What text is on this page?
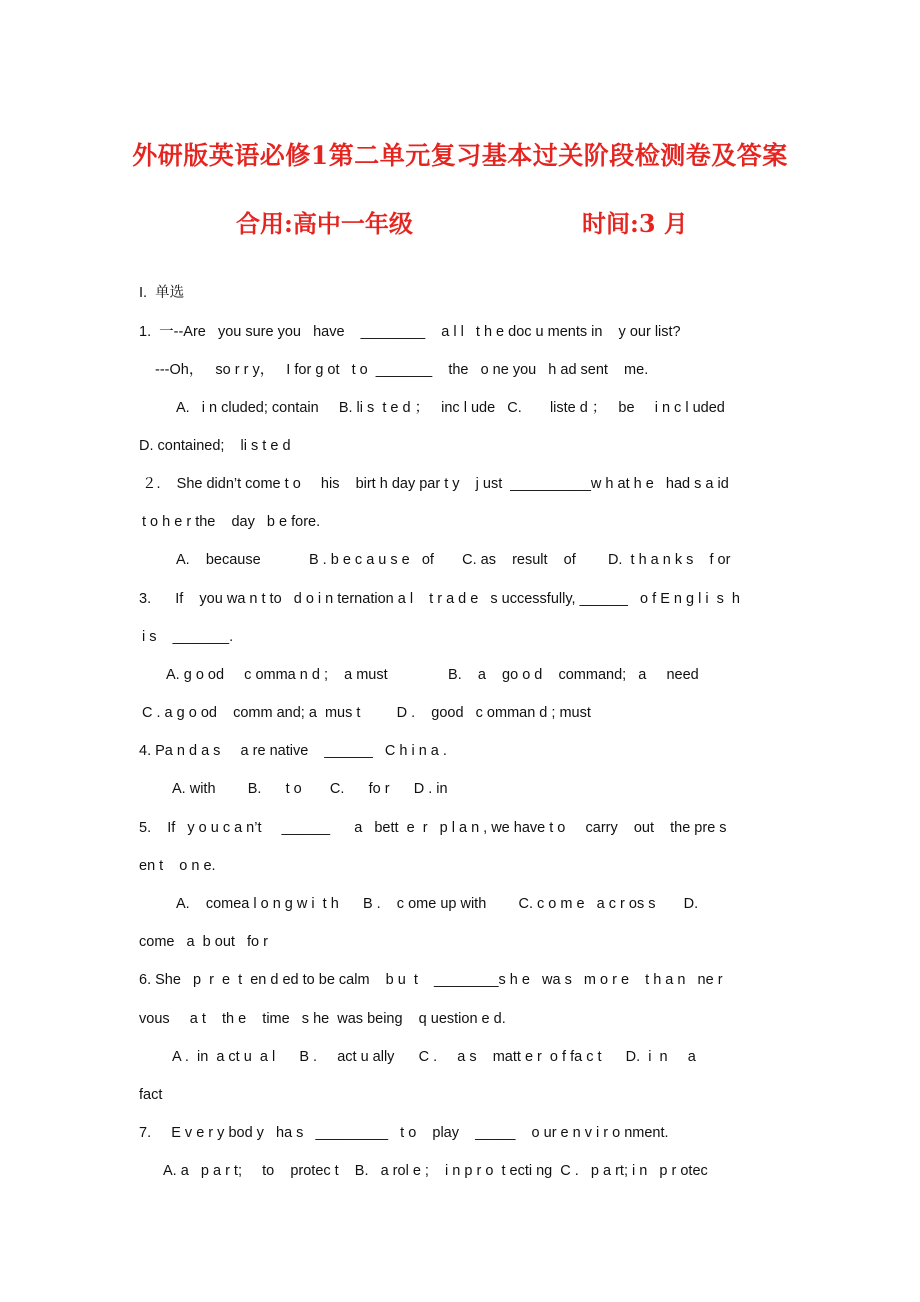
外研版英语必修1第二单元复习基本过关阶段检测卷及答案
合用:高中一年级	时间:3 月
I.  单选
1.  一--Are   you sure you   have    ________    a l l   t h e doc u ments in    y our list?
---Oh，   so r r y，   I for g ot   t o  _______    the   o ne you   h ad sent    me.
A.   i n cluded; contain     B. li s  t e d ；   inc l ude   C.       liste d ；   be     i n c l uded
D. contained;    li s t e d
２.    She didn’t come t o     his    birt h day par t y    j ust  __________w h at h e   had s a id
t o h e r the    day   b e fore.
A.    because            B . b e c a u s e   of       C. as    result    of        D.  t h a n k s    f or
3.      If    you wa n t to   d o i n ternation a l    t r a d e   s uccessfully, ______   o f E n g l i  s  h
i s    _______.
A. g o od     c omma n d ;    a must               B.    a    go o d    command;   a     need
C . a g o od    comm and; a  mus t         D .    good   c omman d ; must
4. Pa n d a s     a re native    ______   C h i n a .
A. with        B.      t o       C.      fo r      D . in
5.    If   y o u c a n’t     ______      a   bett  e  r   p l a n , we have t o     carry    out    the pre s
en t    o n e.
A.    comea l o n g w i  t h      B .    c ome up with        C. c o m e   a c r os s       D.
come   a  b out   fo r
6. She   p  r  e  t  en d ed to be calm    b u  t    ________s h e   wa s   m o r e    t h a n   ne r
vous     a t    th e    time   s he  was being    q uestion e d.
A .  in  a ct u  a l      B .     act u ally      C .     a s    matt e r  o f fa c t      D.  i  n     a
fact
7.     E v e r y bod y   ha s   _________   t o    play    _____    o ur e n v i r o nment.
A. a   p a r t;     to    protec t    B.   a rol e ;    i n p r o  t ecti ng  C .   p a rt; i n   p r otec
